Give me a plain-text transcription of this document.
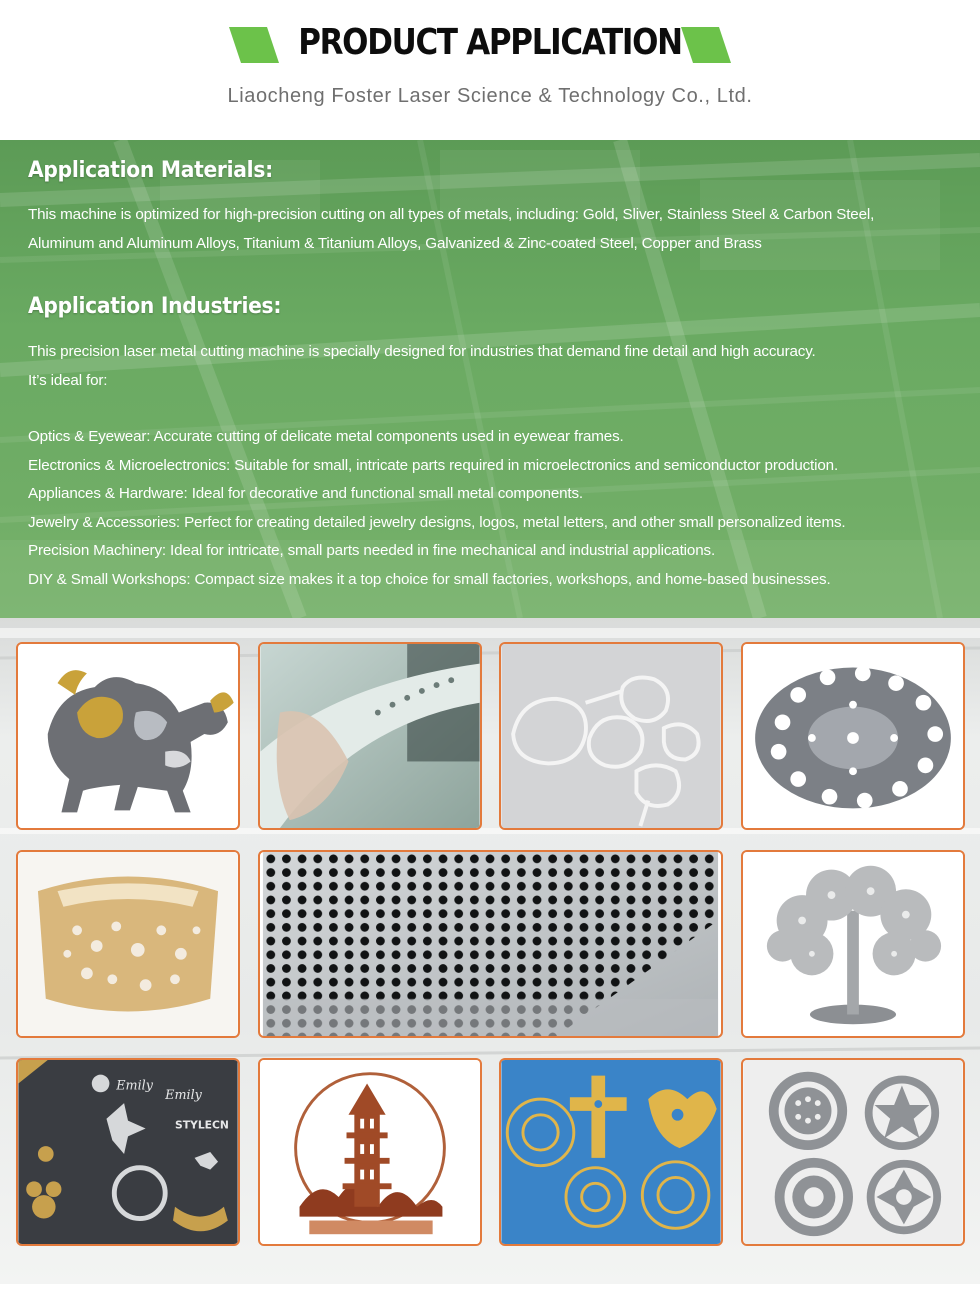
PRODUCT APPLICATION
Liaocheng Foster Laser Science & Technology Co., Ltd.
Application Materials:
This machine is optimized for high-precision cutting on all types of metals, including: Gold, Sliver, Stainless Steel & Carbon Steel,
Aluminum and Aluminum Alloys, Titanium & Titanium Alloys, Galvanized & Zinc-coated Steel, Copper and Brass
Application Industries:
This precision laser metal cutting machine is specially designed for industries that demand fine detail and high accuracy.
It’s ideal for:
Optics & Eyewear: Accurate cutting of delicate metal components used in eyewear frames.
Electronics & Microelectronics: Suitable for small, intricate parts required in microelectronics and semiconductor production.
Appliances & Hardware: Ideal for decorative and functional small metal components.
Jewelry & Accessories: Perfect for creating detailed jewelry designs, logos, metal letters, and other small personalized items.
Precision Machinery: Ideal for intricate, small parts needed in fine mechanical and industrial applications.
DIY & Small Workshops: Compact size makes it a top choice for small factories, workshops, and home-based businesses.
Emily
Emily
STYLECN
